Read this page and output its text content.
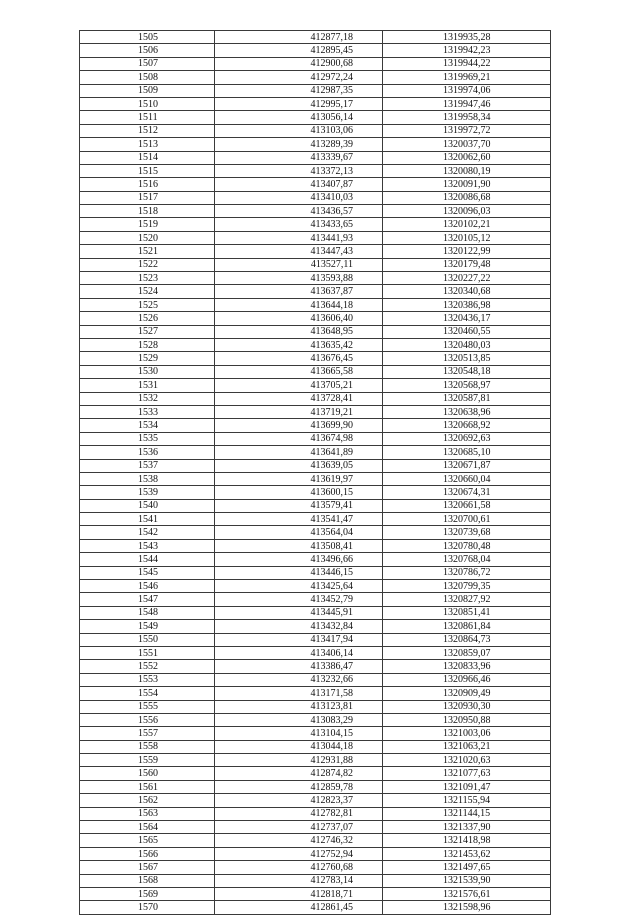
1505	412877,18	1319935,28
1506	412895,45	1319942,23
1507	412900,68	1319944,22
1508	412972,24	1319969,21
1509	412987,35	1319974,06
1510	412995,17	1319947,46
1511	413056,14	1319958,34
1512	413103,06	1319972,72
1513	413289,39	1320037,70
1514	413339,67	1320062,60
1515	413372,13	1320080,19
1516	413407,87	1320091,90
1517	413410,03	1320086,68
1518	413436,57	1320096,03
1519	413433,65	1320102,21
1520	413441,93	1320105,12
1521	413447,43	1320122,99
1522	413527,11	1320179,48
1523	413593,88	1320227,22
1524	413637,87	1320340,68
1525	413644,18	1320386,98
1526	413606,40	1320436,17
1527	413648,95	1320460,55
1528	413635,42	1320480,03
1529	413676,45	1320513,85
1530	413665,58	1320548,18
1531	413705,21	1320568,97
1532	413728,41	1320587,81
1533	413719,21	1320638,96
1534	413699,90	1320668,92
1535	413674,98	1320692,63
1536	413641,89	1320685,10
1537	413639,05	1320671,87
1538	413619,97	1320660,04
1539	413600,15	1320674,31
1540	413579,41	1320661,58
1541	413541,47	1320700,61
1542	413564,04	1320739,68
1543	413508,41	1320780,48
1544	413496,66	1320768,04
1545	413446,15	1320786,72
1546	413425,64	1320799,35
1547	413452,79	1320827,92
1548	413445,91	1320851,41
1549	413432,84	1320861,84
1550	413417,94	1320864,73
1551	413406,14	1320859,07
1552	413386,47	1320833,96
1553	413232,66	1320966,46
1554	413171,58	1320909,49
1555	413123,81	1320930,30
1556	413083,29	1320950,88
1557	413104,15	1321003,06
1558	413044,18	1321063,21
1559	412931,88	1321020,63
1560	412874,82	1321077,63
1561	412859,78	1321091,47
1562	412823,37	1321155,94
1563	412782,81	1321144,15
1564	412737,07	1321337,90
1565	412746,32	1321418,98
1566	412752,94	1321453,62
1567	412760,68	1321497,65
1568	412783,14	1321539,90
1569	412818,71	1321576,61
1570	412861,45	1321598,96
